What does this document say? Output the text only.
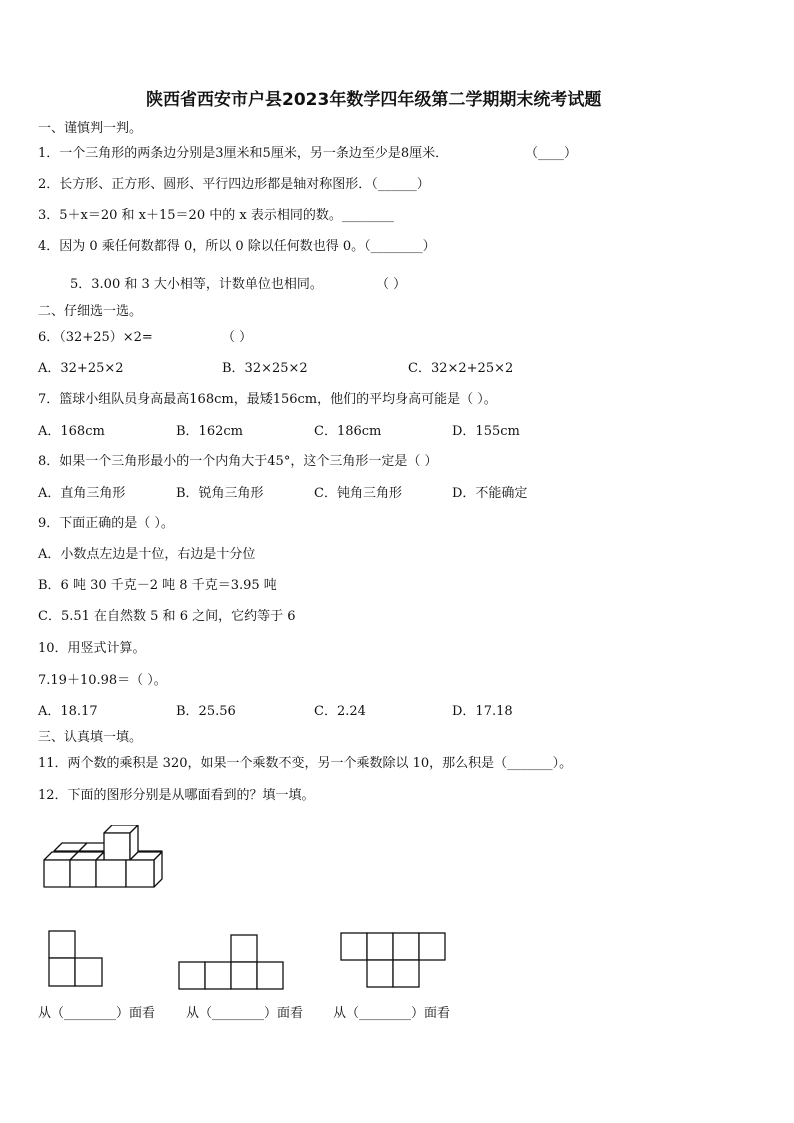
陕西省西安市户县2023年数学四年级第二学期期末统考试题
一、谨慎判一判。
1．一个三角形的两条边分别是3厘米和5厘米，另一条边至少是8厘米．	（____）
2．长方形、正方形、圆形、平行四边形都是轴对称图形．（______）
3．5＋x＝20 和 x＋15＝20 中的 x 表示相同的数。________
4．因为 0 乘任何数都得 0，所以 0 除以任何数也得 0。（________）
5．3.00 和 3 大小相等，计数单位也相同。	（ ）
二、仔细选一选。
6．（32+25）×2=	（ ）
A．32+25×2	B．32×25×2	C．32×2+25×2
7．篮球小组队员身高最高168cm，最矮156cm，他们的平均身高可能是（ ）。
A．168cm	B．162cm	C．186cm	D．155cm
8．如果一个三角形最小的一个内角大于45°，这个三角形一定是（ ）
A．直角三角形	B．锐角三角形	C．钝角三角形	D．不能确定
9．下面正确的是（ ）。
A．小数点左边是十位，右边是十分位
B．6 吨 30 千克－2 吨 8 千克＝3.95 吨
C．5.51 在自然数 5 和 6 之间，它约等于 6
10．用竖式计算。
7.19＋10.98＝（ ）。
A．18.17	B．25.56	C．2.24	D．17.18
三、认真填一填。
11．两个数的乘积是 320，如果一个乘数不变，另一个乘数除以 10，那么积是（_______）。
12．下面的图形分别是从哪面看到的？填一填。
从（________）面看 从（________）面看 从（________）面看
